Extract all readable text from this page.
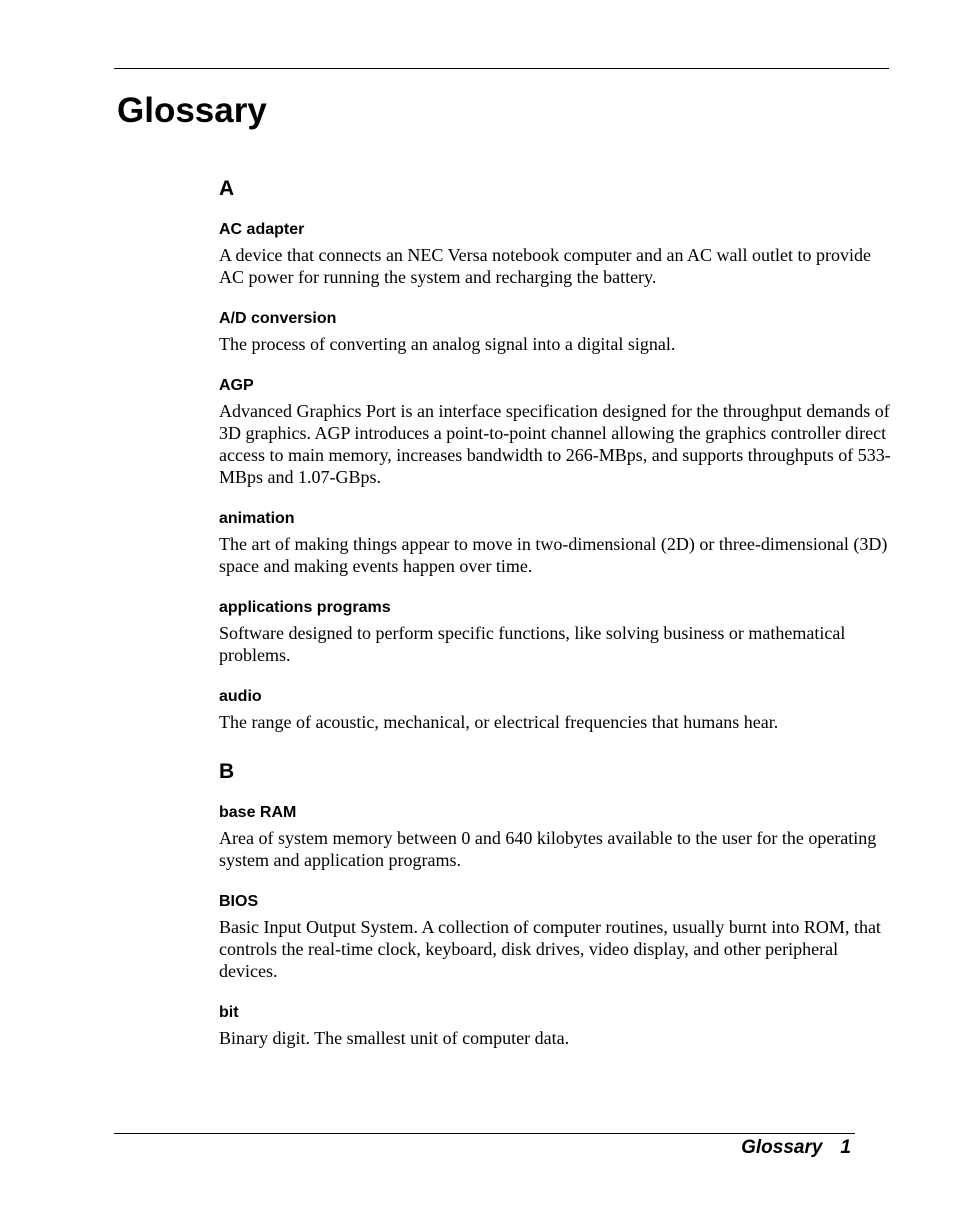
Glossary
A
AC adapter

A device that connects an NEC Versa notebook computer and an AC wall outlet to provide AC power for running the system and recharging the battery.

A/D conversion

The process of converting an analog signal into a digital signal.

AGP

Advanced Graphics Port is an interface specification designed for the throughput demands of 3D graphics. AGP introduces a point-to-point channel allowing the graphics controller direct access to main memory, increases bandwidth to 266-MBps, and supports throughputs of 533-MBps and 1.07-GBps.

animation

The art of making things appear to move in two-dimensional (2D) or three-dimensional (3D) space and making events happen over time.

applications programs

Software designed to perform specific functions, like solving business or mathematical problems.

audio

The range of acoustic, mechanical, or electrical frequencies that humans hear.

B
base RAM

Area of system memory between 0 and 640 kilobytes available to the user for the operating system and application programs.

BIOS

Basic Input Output System. A collection of computer routines, usually burnt into ROM, that controls the real-time clock, keyboard, disk drives, video display, and other peripheral devices.

bit

Binary digit. The smallest unit of computer data.

Glossary 1
